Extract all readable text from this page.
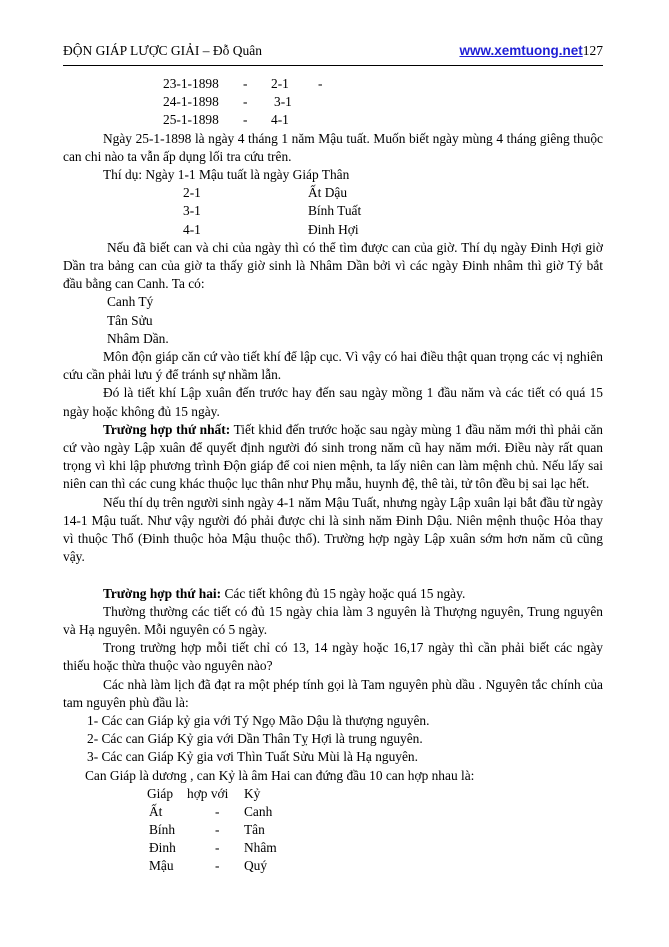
ĐỘN GIÁP LƯỢC GIẢI – Đỗ Quân	www.xemtuong.net127
23-1-1898 - 2-1 -
24-1-1898 - 3-1
25-1-1898 - 4-1

Ngày 25-1-1898 là ngày 4 tháng 1 năm Mậu tuất. Muốn biết ngày mùng 4 tháng giêng thuộc can chi nào ta vẫn ấp dụng lối tra cứu trên.

Thí dụ: Ngày 1-1 Mậu tuất là ngày Giáp Thân

2-1	Ất Dậu
3-1	Bính Tuất
4-1	Đinh Hợi

Nếu đã biết can và chi của ngày thì có thể tìm được can của giờ. Thí dụ ngày Đinh Hợi giờ Dần tra bảng can của giờ ta thấy giờ sinh là Nhâm Dần bởi vì các ngày Đinh nhâm thì giờ Tý bắt đầu bằng can Canh. Ta có:

Canh Tý
Tân Sửu
Nhâm Dần.

Môn độn giáp căn cứ vào tiết khí để lập cục. Vì vậy có hai điều thật quan trọng các vị nghiên cứu cần phải lưu ý để tránh sự nhầm lẫn.

Đó là tiết khí Lập xuân đến trước hay đến sau ngày mồng 1 đầu năm và các tiết có quá 15 ngày hoặc không đủ 15 ngày.

Trường hợp thứ nhất: Tiết khid đến trước hoặc sau ngày mùng 1 đầu năm mới thì phải căn cứ vào ngày Lập xuân để quyết định người đó sinh trong năm cũ hay năm mới. Điều này rất quan trọng vì khi lập phương trình Độn giáp để coi nien mệnh, ta lấy niên can làm mệnh chủ. Nếu lấy sai niên can thì các cung khác thuộc lục thân như Phụ mẫu, huynh đệ, thê tài, tử tôn đều bị sai lạc hết.

Nếu thí dụ trên người sinh ngày 4-1 năm Mậu Tuất, nhưng ngày Lập xuân lại bắt đầu từ ngày 14-1 Mậu tuất. Như vậy người đó phải được chi là sinh năm Đinh Dậu. Niên mệnh thuộc Hỏa thay vì thuộc Thổ (Đinh thuộc hỏa Mậu thuộc thổ). Trường hợp ngày Lập xuân sớm hơn năm cũ cũng vậy.

Trường hợp thứ hai: Các tiết không đủ 15 ngày hoặc quá 15 ngày.

Thường thường các tiết có đủ 15 ngày chia làm 3 nguyên là Thượng nguyên, Trung nguyên và Hạ nguyên. Mỗi nguyên có 5 ngày.

Trong trường hợp mỗi tiết chỉ có 13, 14 ngày hoặc 16,17 ngày thì cần phải biết các ngày thiếu hoặc thừa thuộc vào nguyên nào?

Các nhà làm lịch đã đạt ra một phép tính gọi là Tam nguyên phù dầu . Nguyên tắc chính của tam nguyên phù đầu là:

1- Các can Giáp kỷ gia với Tý Ngọ Mão Dậu là thượng nguyên.
2- Các can Giáp Kỷ gia với Dần Thân Tỵ Hợi là trung nguyên.
3- Các can Giáp Kỷ gia vơi Thìn Tuất Sửu Mùi là Hạ nguyên.
Can Giáp là dương , can Kỷ là âm Hai can đứng đầu 10 can hợp nhau là:
Giáp hợp với Kỷ
Ất	- Canh
Bính	- Tân
Đinh	- Nhâm
Mậu	- Quý
